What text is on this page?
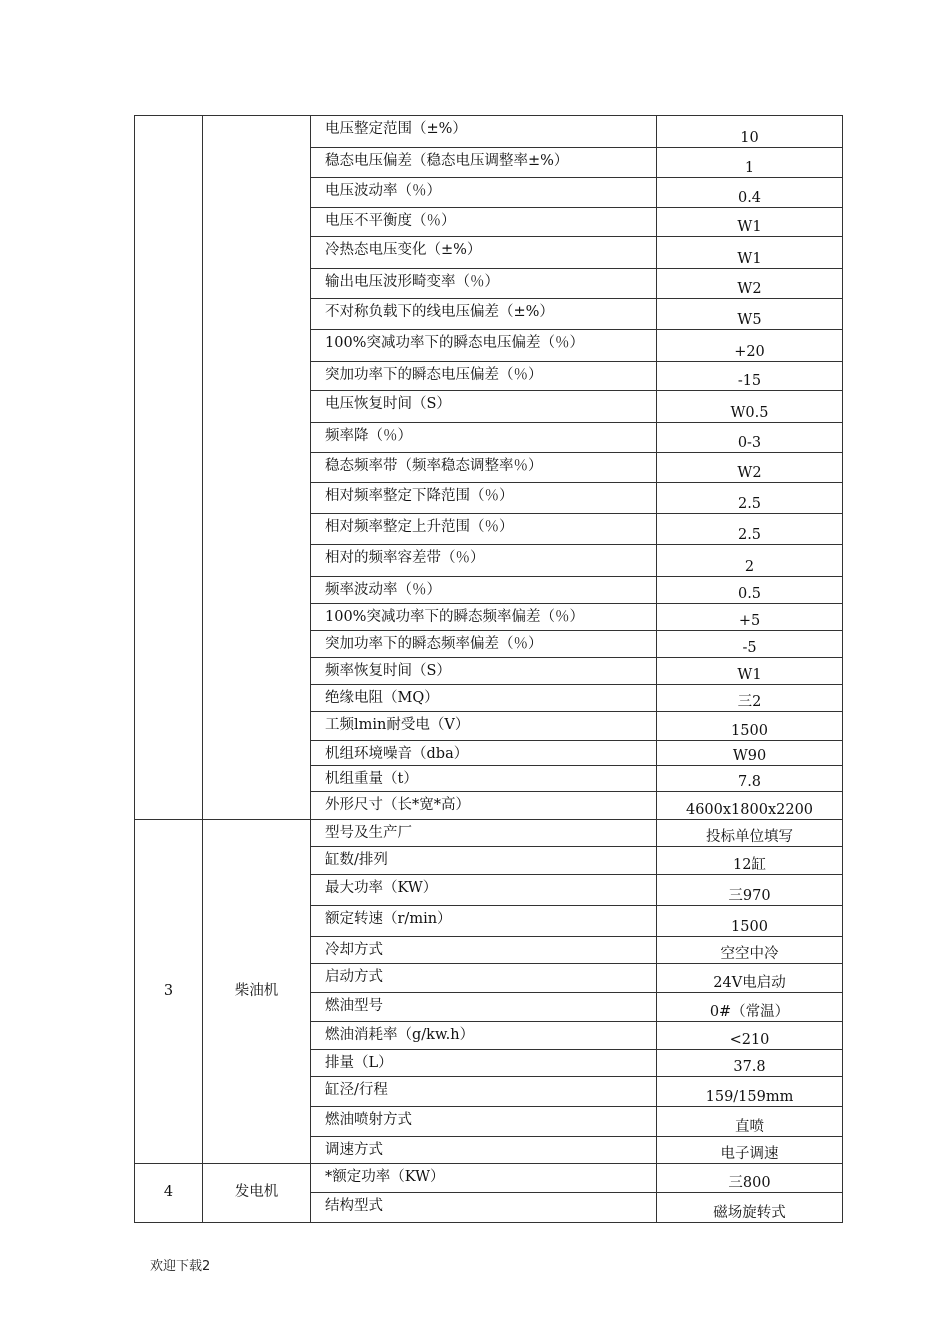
		电压整定范围（±%）	10

		稳态电压偏差（稳态电压调整率±%）	1

		电压波动率（％）	0.4

		电压不平衡度（％）	W1

		冷热态电压变化（±%）	W1

		输出电压波形畸变率（％）	W2

		不对称负载下的线电压偏差（±%）	W5

		100%突减功率下的瞬态电压偏差（％）	+20

		突加功率下的瞬态电压偏差（％）	-15

		电压恢复时间（S）	W0.5

		频率降（％）	0-3

		稳态频率带（频率稳态调整率％）	W2

		相对频率整定下降范围（％）	2.5

		相对频率整定上升范围（％）	2.5

		相对的频率容差带（％）	2

		频率波动率（％）	0.5

		100%突减功率下的瞬态频率偏差（％）	+5

		突加功率下的瞬态频率偏差（％）	-5

		频率恢复时间（S）	W1

		绝缘电阻（MQ）	三2

		工频lmin耐受电（V）	1500

		机组环境噪音（dba）	W90

		机组重量（t）	7.8

		外形尺寸（长*宽*高）	4600x1800x2200

3	柴油机	型号及生产厂	投标单位填写

		缸数/排列	12缸

		最大功率（KW）	三970

		额定转速（r/min）	1500

		冷却方式	空空中冷

		启动方式	24V电启动

		燃油型号	0#（常温）

		燃油消耗率（g/kw.h）	<210

		排量（L）	37.8

		缸泾/行程	159/159mm

		燃油喷射方式	直喷

		调速方式	电子调速

4	发电机	*额定功率（KW）	三800

		结构型式	磁场旋转式
欢迎下载2
